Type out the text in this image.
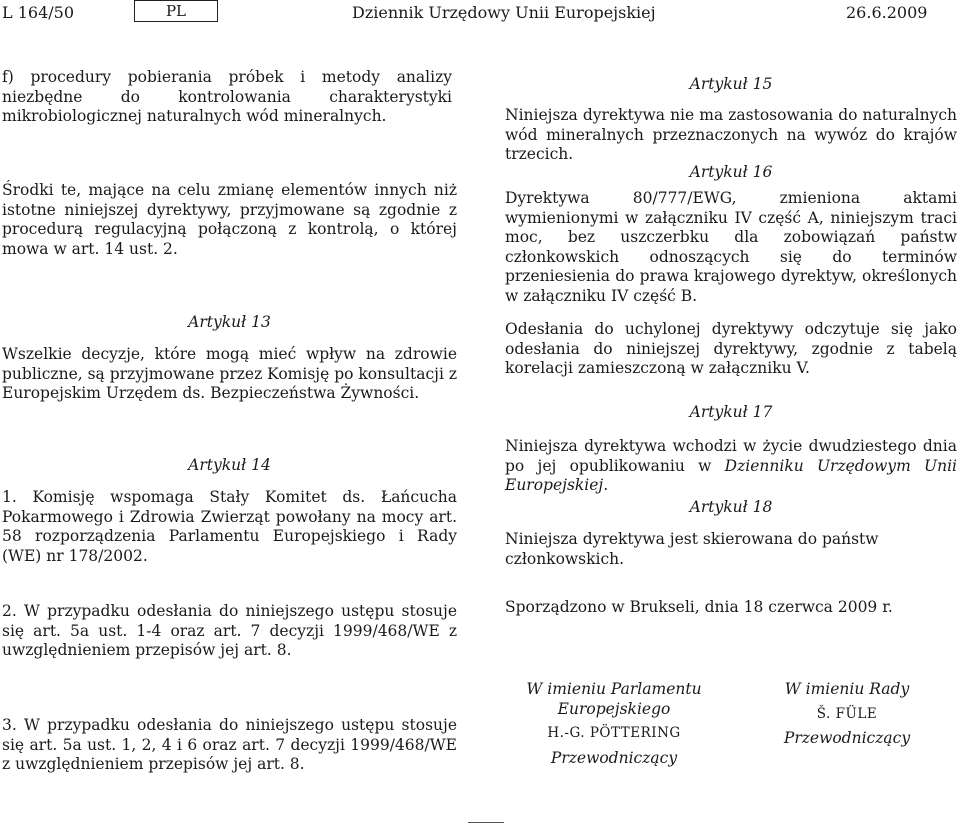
L 164/50	PL	Dziennik Urzędowy Unii Europejskiej	26.6.2009

f) procedury pobierania próbek i metody analizy niezbędne do kontrolowania charakterystyki mikrobiologicznej naturalnych wód mineralnych.

Środki te, mające na celu zmianę elementów innych niż istotne niniejszej dyrektywy, przyjmowane są zgodnie z procedurą regulacyjną połączoną z kontrolą, o której mowa w art. 14 ust. 2.

Artykuł 13

Wszelkie decyzje, które mogą mieć wpływ na zdrowie publiczne, są przyjmowane przez Komisję po konsultacji z Europejskim Urzędem ds. Bezpieczeństwa Żywności.

Artykuł 14

1. Komisję wspomaga Stały Komitet ds. Łańcucha Pokarmowego i Zdrowia Zwierząt powołany na mocy art. 58 rozporządzenia Parlamentu Europejskiego i Rady (WE) nr 178/2002.

2. W przypadku odesłania do niniejszego ustępu stosuje się art. 5a ust. 1-4 oraz art. 7 decyzji 1999/468/WE z uwzględnieniem przepisów jej art. 8.

3. W przypadku odesłania do niniejszego ustępu stosuje się art. 5a ust. 1, 2, 4 i 6 oraz art. 7 decyzji 1999/468/WE z uwzględnieniem przepisów jej art. 8.

Artykuł 15

Niniejsza dyrektywa nie ma zastosowania do naturalnych wód mineralnych przeznaczonych na wywóz do krajów trzecich.

Artykuł 16

Dyrektywa 80/777/EWG, zmieniona aktami wymienionymi w załączniku IV część A, niniejszym traci moc, bez uszczerbku dla zobowiązań państw członkowskich odnoszących się do terminów przeniesienia do prawa krajowego dyrektyw, określonych w załączniku IV część B.

Odesłania do uchylonej dyrektywy odczytuje się jako odesłania do niniejszej dyrektywy, zgodnie z tabelą korelacji zamieszczoną w załączniku V.

Artykuł 17

Niniejsza dyrektywa wchodzi w życie dwudziestego dnia po jej opublikowaniu w Dzienniku Urzędowym Unii Europejskiej.

Artykuł 18

Niniejsza dyrektywa jest skierowana do państw członkowskich.

Sporządzono w Brukseli, dnia 18 czerwca 2009 r.

W imieniu Parlamentu
Europejskiego
H.-G. PÖTTERING
Przewodniczący
W imieniu Rady
Š. FÜLE
Przewodniczący
